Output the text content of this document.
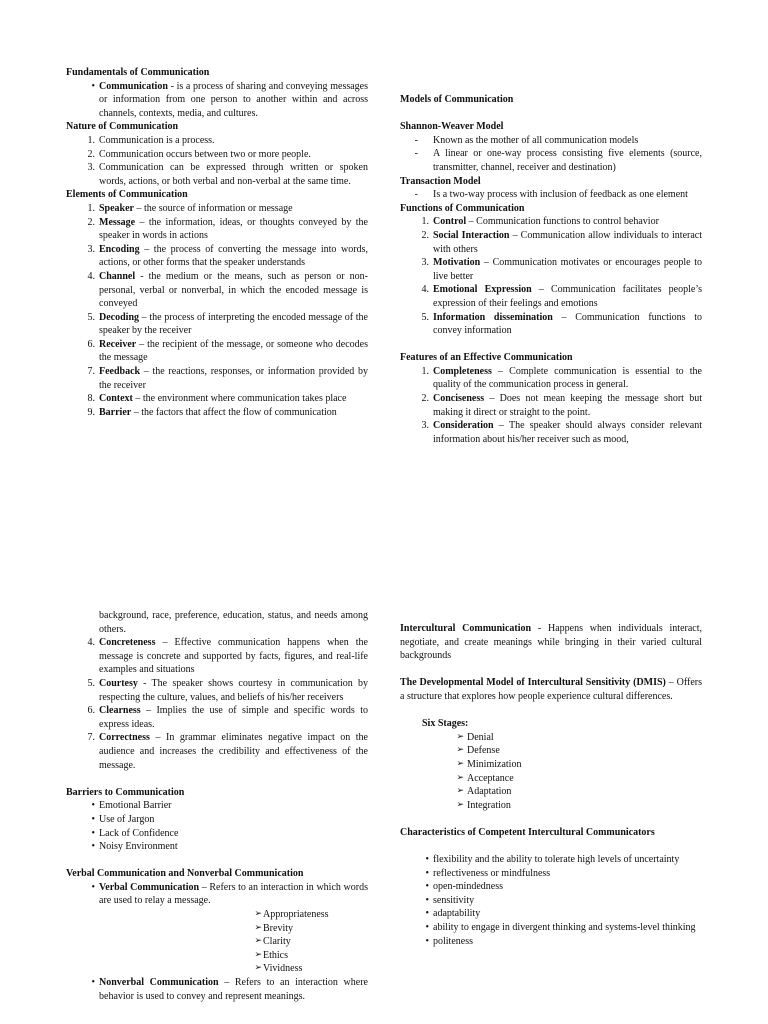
Fundamentals of Communication
• Communication - is a process of sharing and conveying messages or information from one person to another within and across channels, contexts, media, and cultures.
Nature of Communication
1. Communication is a process.
2. Communication occurs between two or more people.
3. Communication can be expressed through written or spoken words, actions, or both verbal and non-verbal at the same time.
Elements of Communication
1. Speaker – the source of information or message
2. Message – the information, ideas, or thoughts conveyed by the speaker in words in actions
3. Encoding – the process of converting the message into words, actions, or other forms that the speaker understands
4. Channel - the medium or the means, such as person or non-personal, verbal or nonverbal, in which the encoded message is conveyed
5. Decoding – the process of interpreting the encoded message of the speaker by the receiver
6. Receiver – the recipient of the message, or someone who decodes the message
7. Feedback – the reactions, responses, or information provided by the receiver
8. Context – the environment where communication takes place
9. Barrier – the factors that affect the flow of communication
Models of Communication
Shannon-Weaver Model
-	Known as the mother of all communication models
-	A linear or one-way process consisting five elements (source, transmitter, channel, receiver and destination)
Transaction Model
-	Is a two-way process with inclusion of feedback as one element
Functions of Communication
1. Control – Communication functions to control behavior
2. Social Interaction – Communication allow individuals to interact with others
3. Motivation – Communication motivates or encourages people to live better
4. Emotional Expression – Communication facilitates people’s expression of their feelings and emotions
5. Information dissemination – Communication functions to convey information
Features of an Effective Communication
1. Completeness – Complete communication is essential to the quality of the communication process in general.
2. Conciseness – Does not mean keeping the message short but making it direct or straight to the point.
3. Consideration – The speaker should always consider relevant information about his/her receiver such as mood,
background, race, preference, education, status, and needs among others.
4. Concreteness – Effective communication happens when the message is concrete and supported by facts, figures, and real-life examples and situations
5. Courtesy - The speaker shows courtesy in communication by respecting the culture, values, and beliefs of his/her receivers
6. Clearness – Implies the use of simple and specific words to express ideas.
7. Correctness – In grammar eliminates negative impact on the audience and increases the credibility and effectiveness of the message.
Barriers to Communication
• Emotional Barrier
• Use of Jargon
• Lack of Confidence
• Noisy Environment
Verbal Communication and Nonverbal Communication
• Verbal Communication – Refers to an interaction in which words are used to relay a message.
➢ Appropriateness
➢ Brevity
➢ Clarity
➢ Ethics
➢ Vividness
• Nonverbal Communication – Refers to an interaction where behavior is used to convey and represent meanings.
Intercultural Communication - Happens when individuals interact, negotiate, and create meanings while bringing in their varied cultural backgrounds
The Developmental Model of Intercultural Sensitivity (DMIS) – Offers a structure that explores how people experience cultural differences.
Six Stages:
➢ Denial
➢ Defense
➢ Minimization
➢ Acceptance
➢ Adaptation
➢ Integration
Characteristics of Competent Intercultural Communicators
• flexibility and the ability to tolerate high levels of uncertainty
• reflectiveness or mindfulness
• open-mindedness
• sensitivity
• adaptability
• ability to engage in divergent thinking and systems-level thinking
• politeness
